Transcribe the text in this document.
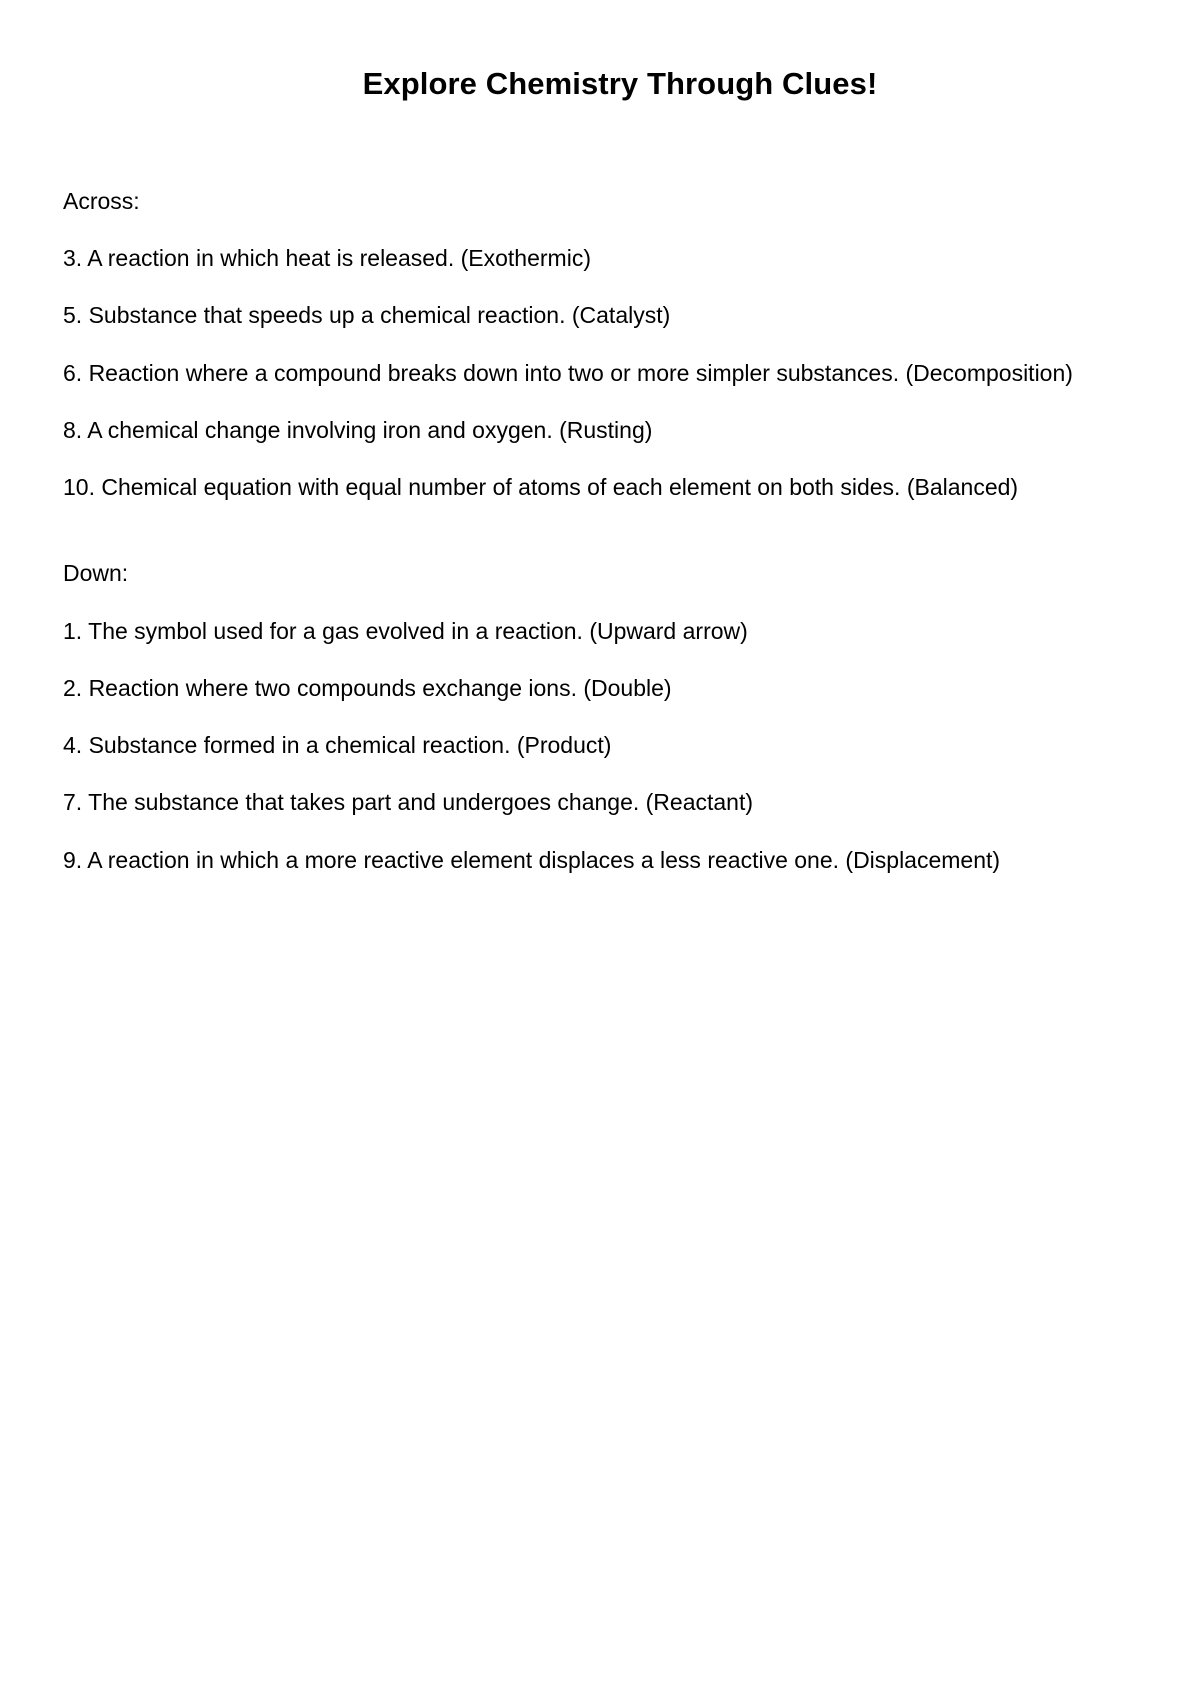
Explore Chemistry Through Clues!
Across:
3. A reaction in which heat is released. (Exothermic)
5. Substance that speeds up a chemical reaction. (Catalyst)
6. Reaction where a compound breaks down into two or more simpler substances. (Decomposition)
8. A chemical change involving iron and oxygen. (Rusting)
10. Chemical equation with equal number of atoms of each element on both sides. (Balanced)
Down:
1. The symbol used for a gas evolved in a reaction. (Upward arrow)
2. Reaction where two compounds exchange ions. (Double)
4. Substance formed in a chemical reaction. (Product)
7. The substance that takes part and undergoes change. (Reactant)
9. A reaction in which a more reactive element displaces a less reactive one. (Displacement)
